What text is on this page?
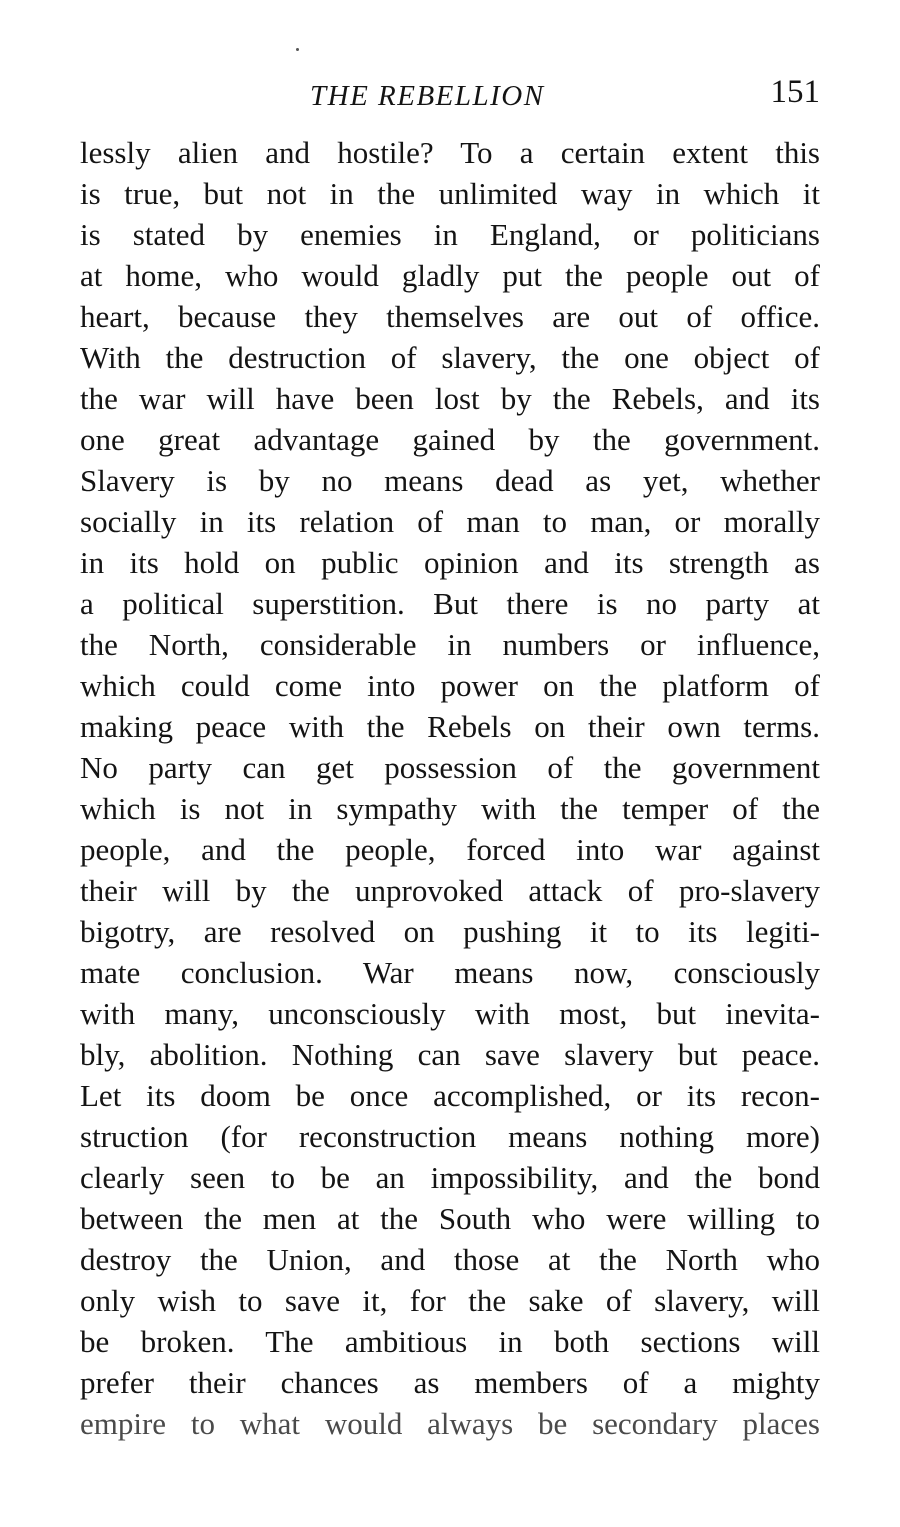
THE REBELLION	151
lessly alien and hostile? To a certain extent this
is true, but not in the unlimited way in which it
is stated by enemies in England, or politicians
at home, who would gladly put the people out of
heart, because they themselves are out of office.
With the destruction of slavery, the one object of
the war will have been lost by the Rebels, and its
one great advantage gained by the government.
Slavery is by no means dead as yet, whether
socially in its relation of man to man, or morally
in its hold on public opinion and its strength as
a political superstition. But there is no party at
the North, considerable in numbers or influence,
which could come into power on the platform of
making peace with the Rebels on their own terms.
No party can get possession of the government
which is not in sympathy with the temper of the
people, and the people, forced into war against
their will by the unprovoked attack of pro-slavery
bigotry, are resolved on pushing it to its legiti-
mate conclusion. War means now, consciously
with many, unconsciously with most, but inevita-
bly, abolition. Nothing can save slavery but peace.
Let its doom be once accomplished, or its recon-
struction (for reconstruction means nothing more)
clearly seen to be an impossibility, and the bond
between the men at the South who were willing to
destroy the Union, and those at the North who
only wish to save it, for the sake of slavery, will
be broken. The ambitious in both sections will
prefer their chances as members of a mighty
empire to what would always be secondary places
